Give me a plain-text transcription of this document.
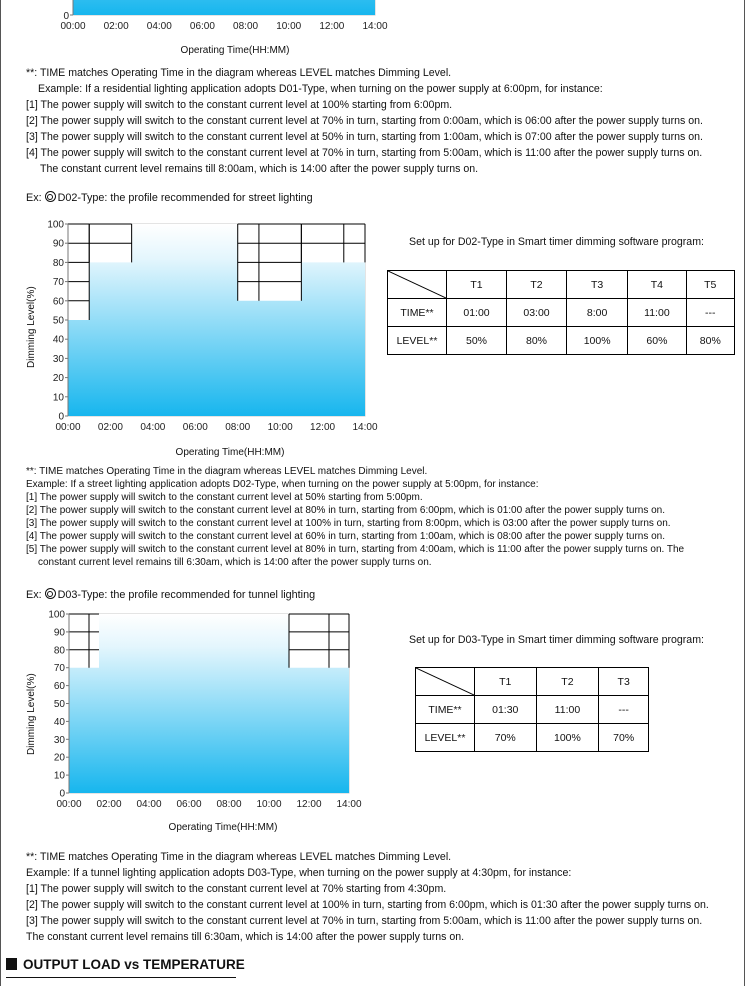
00:00 02:00 04:00 06:00 08:00 10:00 12:00 14:00
0
Operating Time(HH:MM)
**: TIME matches Operating Time in the diagram whereas LEVEL matches Dimming Level.
Example: If a residential lighting application adopts D01-Type, when turning on the power supply at 6:00pm, for instance:
[1] The power supply will switch to the constant current level at 100% starting from 6:00pm.
[2] The power supply will switch to the constant current level at 70% in turn, starting from 0:00am, which is 06:00 after the power supply turns on.
[3] The power supply will switch to the constant current level at 50% in turn, starting from 1:00am, which is 07:00 after the power supply turns on.
[4] The power supply will switch to the constant current level at 70% in turn, starting from 5:00am, which is 11:00 after the power supply turns on.
The constant current level remains till 8:00am, which is 14:00 after the power supply turns on.
Ex: D02-Type: the profile recommended for street lighting
0
10
20
30
40
50
60
70
80
90
100
00:00 02:00 04:00 06:00 08:00 10:00 12:00 14:00
Dimming Level(%)
Operating Time(HH:MM)
Set up for D02-Type in Smart timer dimming software program:
	T1	T2	T3	T4	T5
TIME**	01:00	03:00	8:00	11:00	---
LEVEL**	50%	80%	100%	60%	80%
**: TIME matches Operating Time in the diagram whereas LEVEL matches Dimming Level.
Example: If a street lighting application adopts D02-Type, when turning on the power supply at 5:00pm, for instance:
[1] The power supply will switch to the constant current level at 50% starting from 5:00pm.
[2] The power supply will switch to the constant current level at 80% in turn, starting from 6:00pm, which is 01:00 after the power supply turns on.
[3] The power supply will switch to the constant current level at 100% in turn, starting from 8:00pm, which is 03:00 after the power supply turns on.
[4] The power supply will switch to the constant current level at 60% in turn, starting from 1:00am, which is 08:00 after the power supply turns on.
[5] The power supply will switch to the constant current level at 80% in turn, starting from 4:00am, which is 11:00 after the power supply turns on. The
constant current level remains till 6:30am, which is 14:00 after the power supply turns on.
Ex: D03-Type: the profile recommended for tunnel lighting
0
10
20
30
40
50
60
70
80
90
100
00:00 02:00 04:00 06:00 08:00 10:00 12:00 14:00
Dimming Level(%)
Operating Time(HH:MM)
Set up for D03-Type in Smart timer dimming software program:
	T1	T2	T3
TIME**	01:30	11:00	---
LEVEL**	70%	100%	70%
**: TIME matches Operating Time in the diagram whereas LEVEL matches Dimming Level.
Example: If a tunnel lighting application adopts D03-Type, when turning on the power supply at 4:30pm, for instance:
[1] The power supply will switch to the constant current level at 70% starting from 4:30pm.
[2] The power supply will switch to the constant current level at 100% in turn, starting from 6:00pm, which is 01:30 after the power supply turns on.
[3] The power supply will switch to the constant current level at 70% in turn, starting from 5:00am, which is 11:00 after the power supply turns on.
The constant current level remains till 6:30am, which is 14:00 after the power supply turns on.
OUTPUT LOAD vs TEMPERATURE
